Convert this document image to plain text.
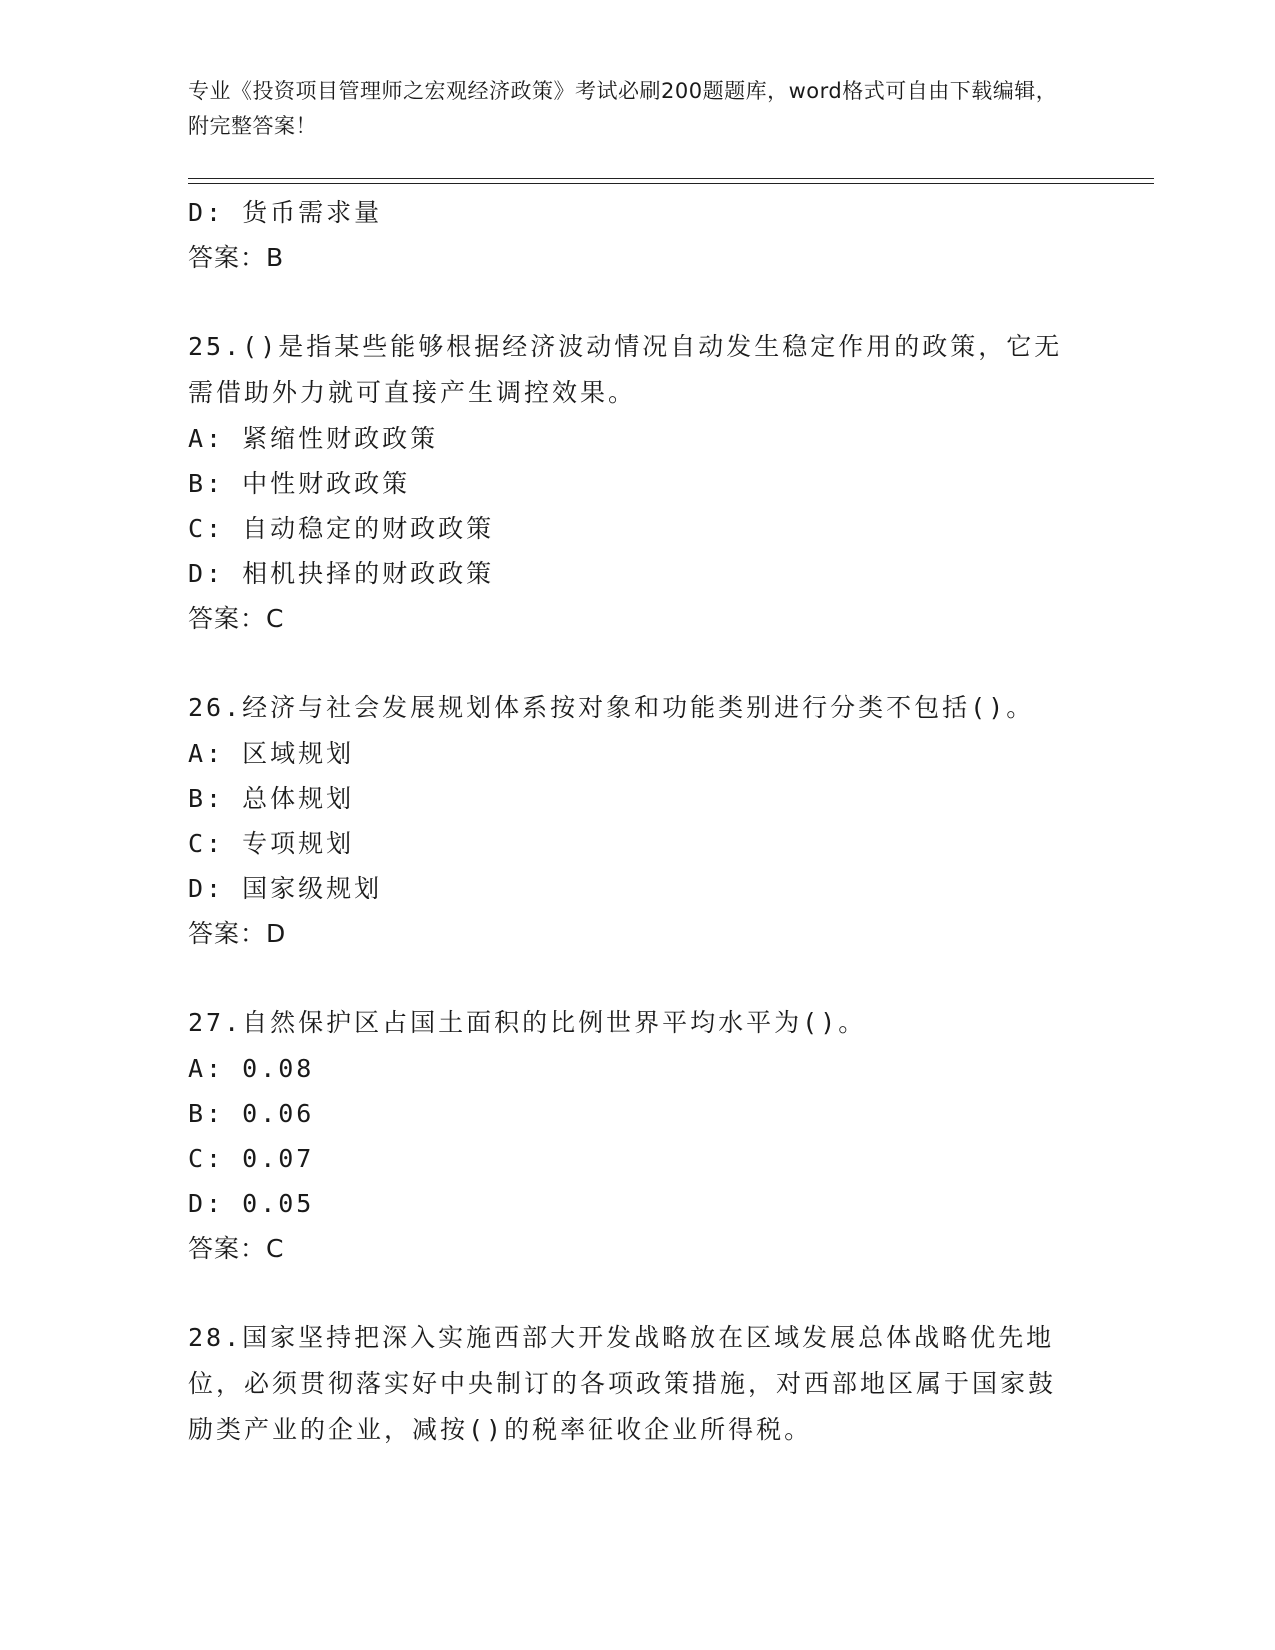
专业《投资项目管理师之宏观经济政策》考试必刷200题题库，word格式可自由下载编辑，附完整答案！
D: 货币需求量
答案：B
25.()是指某些能够根据经济波动情况自动发生稳定作用的政策，它无需借助外力就可直接产生调控效果。
A: 紧缩性财政政策
B: 中性财政政策
C: 自动稳定的财政政策
D: 相机抉择的财政政策
答案：C
26.经济与社会发展规划体系按对象和功能类别进行分类不包括()。
A: 区域规划
B: 总体规划
C: 专项规划
D: 国家级规划
答案：D
27.自然保护区占国土面积的比例世界平均水平为()。
A: 0.08
B: 0.06
C: 0.07
D: 0.05
答案：C
28.国家坚持把深入实施西部大开发战略放在区域发展总体战略优先地位，必须贯彻落实好中央制订的各项政策措施，对西部地区属于国家鼓励类产业的企业，减按()的税率征收企业所得税。
